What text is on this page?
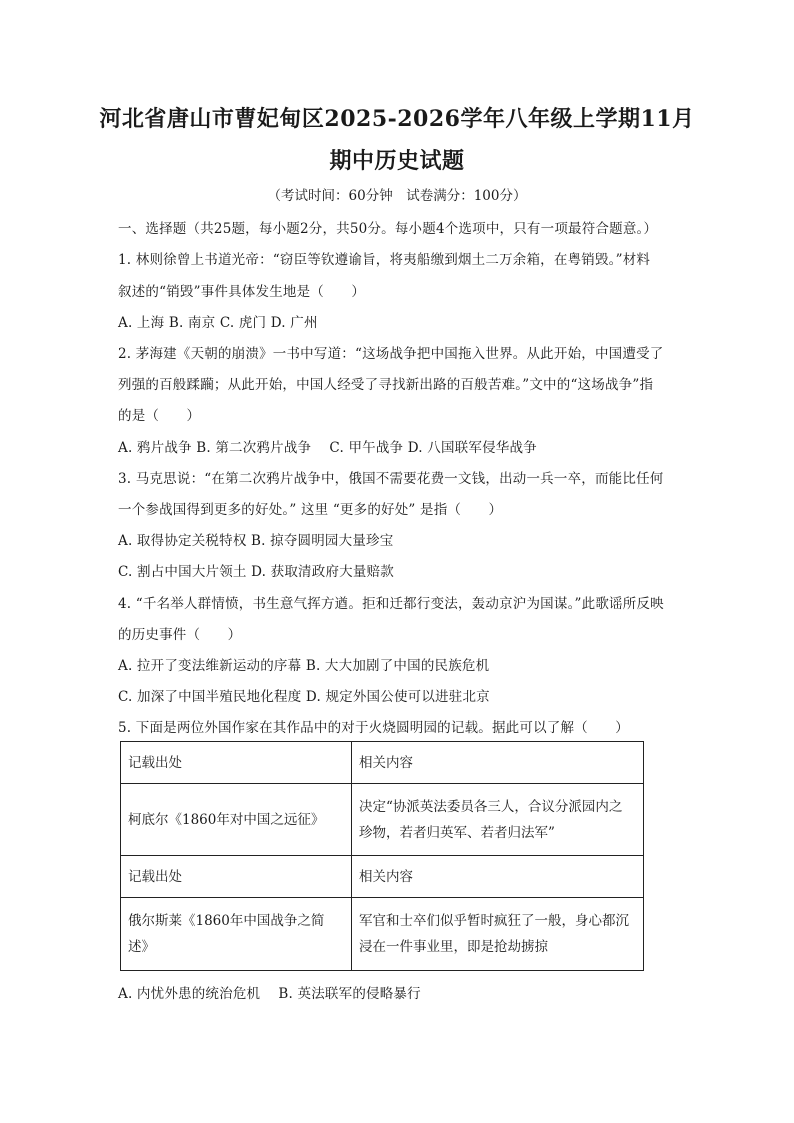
河北省唐山市曹妃甸区2025-2026学年八年级上学期11月
期中历史试题
（考试时间：60分钟　试卷满分：100分）
一、选择题（共25题，每小题2分，共50分。每小题4个选项中，只有一项最符合题意。）
1. 林则徐曾上书道光帝：“窃臣等钦遵谕旨，将夷船缴到烟土二万余箱，在粤销毁。”材料
叙述的“销毁”事件具体发生地是（　　）
A. 上海 B. 南京 C. 虎门 D. 广州
2. 茅海建《天朝的崩溃》一书中写道：“这场战争把中国拖入世界。从此开始，中国遭受了
列强的百般蹂躏；从此开始，中国人经受了寻找新出路的百般苦难。”文中的“这场战争”指
的是（　　）
A. 鸦片战争 B. 第二次鸦片战争　 C. 甲午战争 D. 八国联军侵华战争
3. 马克思说：“在第二次鸦片战争中，俄国不需要花费一文钱，出动一兵一卒，而能比任何
一个参战国得到更多的好处。” 这里 “更多的好处” 是指（　　）
A. 取得协定关税特权 B. 掠夺圆明园大量珍宝
C. 割占中国大片领土 D. 获取清政府大量赔款
4. “千名举人群情愤，书生意气挥方遒。拒和迁都行变法，轰动京沪为国谋。”此歌谣所反映
的历史事件（　　）
A. 拉开了变法维新运动的序幕 B. 大大加剧了中国的民族危机
C. 加深了中国半殖民地化程度 D. 规定外国公使可以进驻北京
5. 下面是两位外国作家在其作品中的对于火烧圆明园的记载。据此可以了解（　　）
记载出处	相关内容
柯底尔《1860年对中国之远征》	决定“协派英法委员各三人，合议分派园内之
珍物，若者归英军、若者归法军”

记载出处	相关内容
俄尔斯莱《1860年中国战争之简述》	军官和士卒们似乎暂时疯狂了一般，身心都沉
浸在一件事业里，即是抢劫掳掠
A. 内忧外患的统治危机　 B. 英法联军的侵略暴行
